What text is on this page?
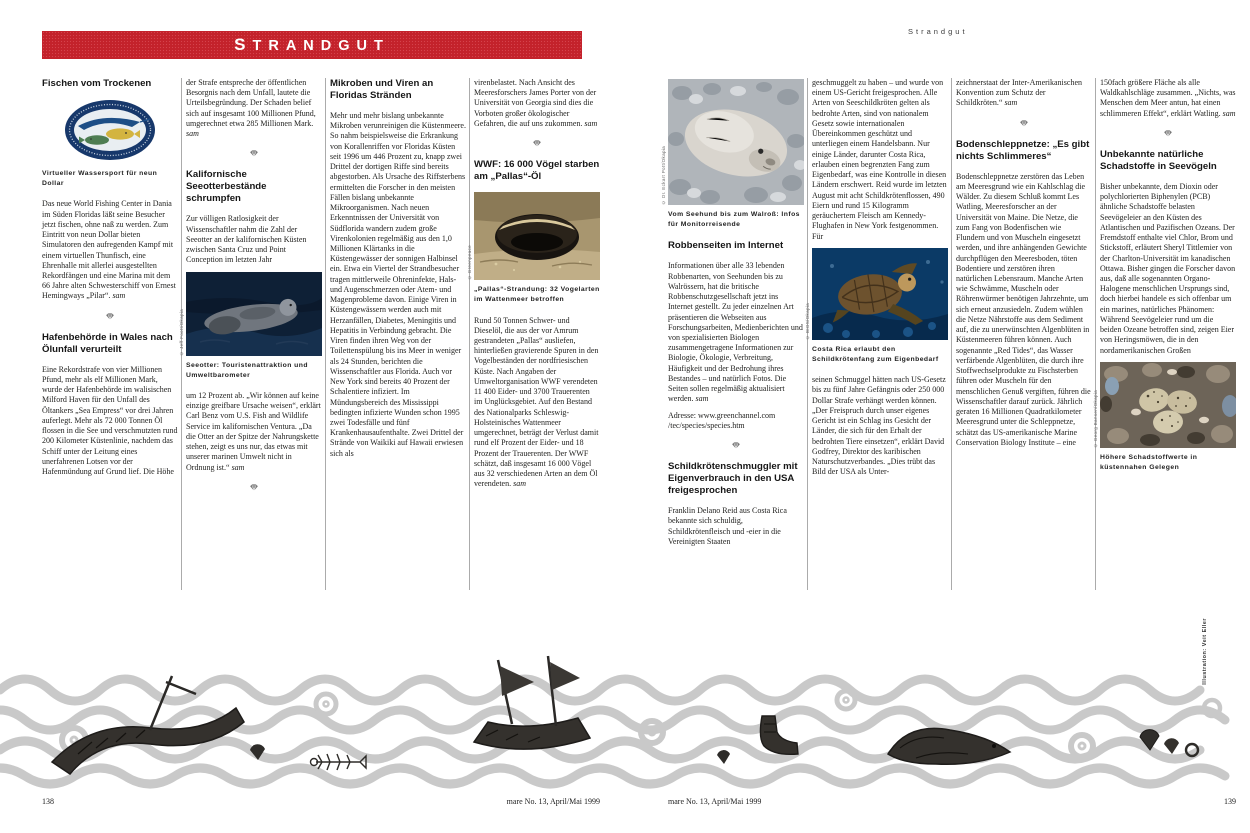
STRANDGUT
Strandgut
Fischen vom Trockenen
Virtueller Wassersport für neun Dollar

Das neue World Fishing Center in Dania im Süden Floridas läßt seine Besucher jetzt fischen, ohne naß zu werden. Zum Eintritt von neun Dollar bieten Simulatoren den aufregenden Kampf mit einem virtuellen Thunfisch, eine Ehrenhalle mit allerlei ausgestellten Rekordfängen und eine Marina mit dem 66 Jahre alten Schwesterschiff von Ernest Hemingways „Pilar“. sam

Hafenbehörde in Wales nach Ölunfall verurteilt

Eine Rekordstrafe von vier Millionen Pfund, mehr als elf Millionen Mark, wurde der Hafenbehörde im walisischen Milford Haven für den Unfall des Öltankers „Sea Empress“ vor drei Jahren auferlegt. Mehr als 72 000 Tonnen Öl flossen in die See und verschmutzten rund 200 Kilometer Küstenlinie, nachdem das Schiff unter der Leitung eines unerfahrenen Lotsen vor der Hafenmündung auf Grund lief. Die Höhe

der Strafe entspreche der öffentlichen Besorgnis nach dem Unfall, lautete die Urteilsbegründung. Der Schaden belief sich auf insgesamt 100 Millionen Pfund, umgerechnet etwa 285 Millionen Mark. sam

Kalifornische Seeotterbestände schrumpfen

Zur völligen Ratlosigkeit der Wissenschaftler nahm die Zahl der Seeotter an der kalifornischen Küsten zwischen Santa Cruz und Point Conception im letzten Jahr

© Jeff Foott/Okapia
Seeotter: Touristenattraktion und Umweltbarometer

um 12 Prozent ab. „Wir können auf keine einzige greifbare Ursache weisen“, erklärt Carl Benz vom U.S. Fish and Wildlife Service im kalifornischen Ventura. „Da die Otter an der Spitze der Nahrungskette stehen, zeigt es uns nur, das etwas mit unserer marinen Umwelt nicht in Ordnung ist.“ sam

Mikroben und Viren an Floridas Stränden

Mehr und mehr bislang unbekannte Mikroben verunreinigen die Küstenmeere. So nahm beispielsweise die Erkrankung von Korallenriffen vor Floridas Küsten seit 1996 um 446 Prozent zu, knapp zwei Drittel der dortigen Riffe sind bereits abgestorben. Als Ursache des Riffsterbens ermittelten die Forscher in den meisten Fällen bislang unbekannte Mikroorganismen. Nach neuen Erkenntnissen der Universität von Südflorida wandern zudem große Virenkolonien regelmäßig aus den 1,0 Millionen Klärtanks in die Küstengewässer der sonnigen Halbinsel ein. Etwa ein Viertel der Strandbesucher tragen mittlerweile Ohreninfekte, Hals- und Augenschmerzen oder Atem- und Magenprobleme davon. Einige Viren in Küstengewässern werden auch mit Herzanfällen, Diabetes, Meningitis und Hepatitis in Verbindung gebracht. Die Viren finden ihren Weg von der Toilettenspülung bis ins Meer in weniger als 24 Stunden, berichten die Wissenschaftler aus Florida. Auch vor New York sind bereits 40 Prozent der Schalentiere infiziert. Im Mündungsbereich des Mississippi bedingten infizierte Wunden schon 1995 zwei Todesfälle und fünf Krankenhausaufenthalte. Zwei Drittel der Strände von Waikiki auf Hawaii erwiesen sich als

virenbelastet. Nach Ansicht des Meeresforschers James Porter von der Universität von Georgia sind dies die Vorboten großer ökologischer Gefahren, die auf uns zukommen. sam

WWF: 16 000 Vögel starben am „Pallas“-Öl
© Greenpeace
„Pallas“-Strandung: 32 Vogelarten im Wattenmeer betroffen

Rund 50 Tonnen Schwer- und Dieselöl, die aus der vor Amrum gestrandeten „Pallas“ ausliefen, hinterließen gravierende Spuren in den Vogelbeständen der nordfriesischen Küste. Nach Angaben der Umweltorganisation WWF verendeten 11 400 Eider- und 3700 Trauerenten im Unglücksgebiet. Auf den Bestand des Nationalparks Schleswig-Holsteinisches Wattenmeer umgerechnet, beträgt der Verlust damit rund elf Prozent der Eider- und 18 Prozent der Trauerenten. Der WWF schätzt, daß insgesamt 16 000 Vögel aus 32 verschiedenen Arten an dem Öl verendeten. sam

© Dr. Eckart Pott/Okapia
Vom Seehund bis zum Walroß: Infos für Monitorreisende
Robbenseiten im Internet

Informationen über alle 33 lebenden Robbenarten, von Seehunden bis zu Walrössern, hat die britische Robbenschutzgesellschaft jetzt ins Internet gestellt. Zu jeder einzelnen Art präsentieren die Webseiten aus Forschungsarbeiten, Medienberichten und von spezialisierten Biologen zusammengetragene Informationen zur Biologie, Ökologie, Verbreitung, Häufigkeit und der Bedrohung ihres Bestandes – und natürlich Fotos. Die Seiten sollen regelmäßig aktualisiert werden. sam

Adresse: www.greenchannel.com
/tec/species/species.htm

Schildkrötenschmuggler mit Eigenverbrauch in den USA freigesprochen

Franklin Delano Reid aus Costa Rica bekannte sich schuldig, Schildkrötenfleisch und -eier in die Vereinigten Staaten

geschmuggelt zu haben – und wurde von einem US-Gericht freigesprochen. Alle Arten von Seeschildkröten gelten als bedrohte Arten, sind von nationalem Gesetz sowie internationalen Übereinkommen geschützt und unterliegen einem Handelsbann. Nur einige Länder, darunter Costa Rica, erlauben einen begrenzten Fang zum Eigenbedarf, was eine Kontrolle in diesen Ländern erschwert. Reid wurde im letzten August mit acht Schildkrötenflossen, 490 Eiern und rund 15 Kilogramm geräuchertem Fleisch am Kennedy-Flughafen in New York festgenommen. Für

© BIOS/Okapia
Costa Rica erlaubt den Schildkrötenfang zum Eigenbedarf

seinen Schmuggel hätten nach US-Gesetz bis zu fünf Jahre Gefängnis oder 250 000 Dollar Strafe verhängt werden können. „Der Freispruch durch unser eigenes Gericht ist ein Schlag ins Gesicht der Länder, die sich für den Erhalt der bedrohten Tiere einsetzen“, erklärt David Godfrey, Direktor des karibischen Naturschutzverbandes. „Dies trübt das Bild der USA als Unter-

zeichnerstaat der Inter-Amerikanischen Konvention zum Schutz der Schildkröten.“ sam

Bodenschleppnetze: „Es gibt nichts Schlimmeres“

Bodenschleppnetze zerstören das Leben am Meeresgrund wie ein Kahlschlag die Wälder. Zu diesem Schluß kommt Les Watling, Meeresforscher an der Universität von Maine. Die Netze, die zum Fang von Bodenfischen wie Flundern und von Muscheln eingesetzt werden, und ihre anhängenden Gewichte durchpflügen den Meeresboden, töten Bodentiere und zerstören ihren natürlichen Lebensraum. Manche Arten wie Schwämme, Muscheln oder Röhrenwürmer benötigen Jahrzehnte, um sich erneut anzusiedeln. Zudem wühlen die Netze Nährstoffe aus dem Sediment auf, die zu unerwünschten Algenblüten in Küstenmeeren führen können. Auch sogenannte „Red Tides“, das Wasser verfärbende Algenblüten, die durch ihre Stoffwechselprodukte zu Fischsterben führen oder Muscheln für den menschlichen Genuß vergiften, führen die Wissenschaftler darauf zurück. Jährlich geraten 16 Millionen Quadratkilometer Meeresgrund unter die Schleppnetze, schätzt das US-amerikanische Marine Conservation Biology Institute – eine

150fach größere Fläche als alle Waldkahlschläge zusammen. „Nichts, was Menschen dem Meer antun, hat einen schlimmeren Effekt“, erklärt Watling. sam

Unbekannte natürliche Schadstoffe in Seevögeln

Bisher unbekannte, dem Dioxin oder polychlorierten Biphenylen (PCB) ähnliche Schadstoffe belasten Seevögeleier an den Küsten des Atlantischen und Pazifischen Ozeans. Der Fremdstoff enthalte viel Chlor, Brom und Stickstoff, erläutert Sheryl Tittlemier von der Charlton-Universität im kanadischen Ottawa. Bisher gingen die Forscher davon aus, daß alle sogenannten Organo-Halogene menschlichen Ursprungs sind, doch hierbei handele es sich offenbar um ein marines, natürliches Phänomen: Während Seevögeleier rund um die beiden Ozeane betroffen sind, zeigen Eier von Heringsmöwen, die in den nordamerikanischen Großen

© Georg Bansen/Okapia
Höhere Schadstoffwerte in küstennahen Gelegen
Illustration: Veit Eller
138	mare No. 13, April/Mai 1999	mare No. 13, April/Mai 1999	139
